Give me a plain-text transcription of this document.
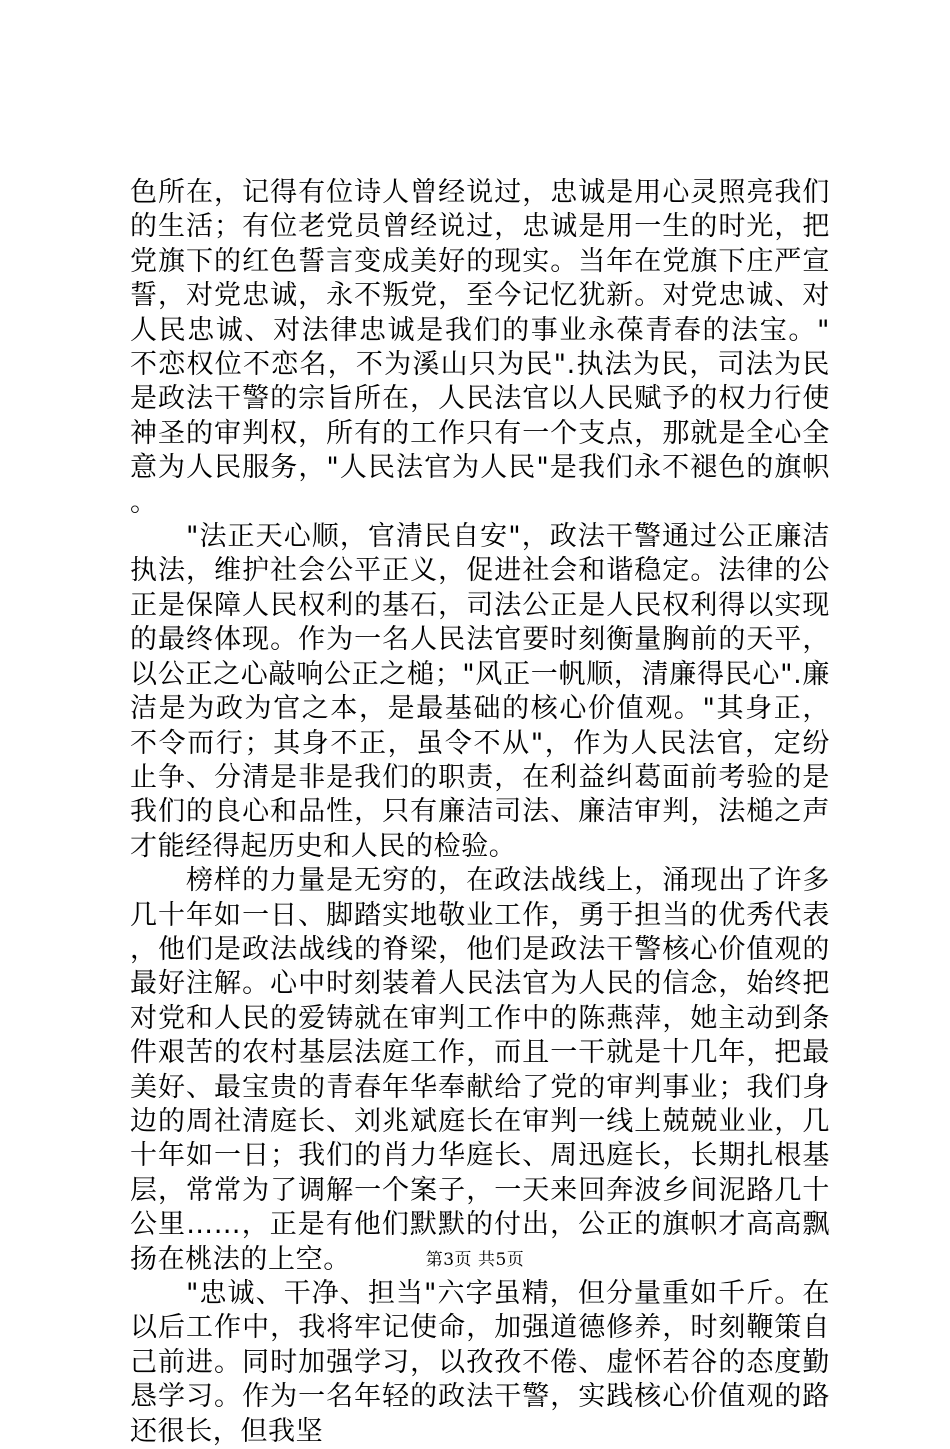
色所在，记得有位诗人曾经说过，忠诚是用心灵照亮我们的生活；有位老党员曾经说过，忠诚是用一生的时光，把党旗下的红色誓言变成美好的现实。当年在党旗下庄严宣誓，对党忠诚，永不叛党，至今记忆犹新。对党忠诚、对人民忠诚、对法律忠诚是我们的事业永葆青春的法宝。"不恋权位不恋名，不为溪山只为民".执法为民，司法为民是政法干警的宗旨所在，人民法官以人民赋予的权力行使神圣的审判权，所有的工作只有一个支点，那就是全心全意为人民服务，"人民法官为人民"是我们永不褪色的旗帜。

"法正天心顺，官清民自安"，政法干警通过公正廉洁执法，维护社会公平正义，促进社会和谐稳定。法律的公正是保障人民权利的基石，司法公正是人民权利得以实现的最终体现。作为一名人民法官要时刻衡量胸前的天平，以公正之心敲响公正之槌；"风正一帆顺，清廉得民心".廉洁是为政为官之本，是最基础的核心价值观。"其身正，不令而行；其身不正，虽令不从"，作为人民法官，定纷止争、分清是非是我们的职责，在利益纠葛面前考验的是我们的良心和品性，只有廉洁司法、廉洁审判，法槌之声才能经得起历史和人民的检验。

榜样的力量是无穷的，在政法战线上，涌现出了许多几十年如一日、脚踏实地敬业工作，勇于担当的优秀代表，他们是政法战线的脊梁，他们是政法干警核心价值观的最好注解。心中时刻装着人民法官为人民的信念，始终把对党和人民的爱铸就在审判工作中的陈燕萍，她主动到条件艰苦的农村基层法庭工作，而且一干就是十几年，把最美好、最宝贵的青春年华奉献给了党的审判事业；我们身边的周社清庭长、刘兆斌庭长在审判一线上兢兢业业，几十年如一日；我们的肖力华庭长、周迅庭长，长期扎根基层，常常为了调解一个案子，一天来回奔波乡间泥路几十公里……，正是有他们默默的付出，公正的旗帜才高高飘扬在桃法的上空。

"忠诚、干净、担当"六字虽精，但分量重如千斤。在以后工作中，我将牢记使命，加强道德修养，时刻鞭策自己前进。同时加强学习，以孜孜不倦、虚怀若谷的态度勤恳学习。作为一名年轻的政法干警，实践核心价值观的路还很长，但我坚

第3页 共5页
